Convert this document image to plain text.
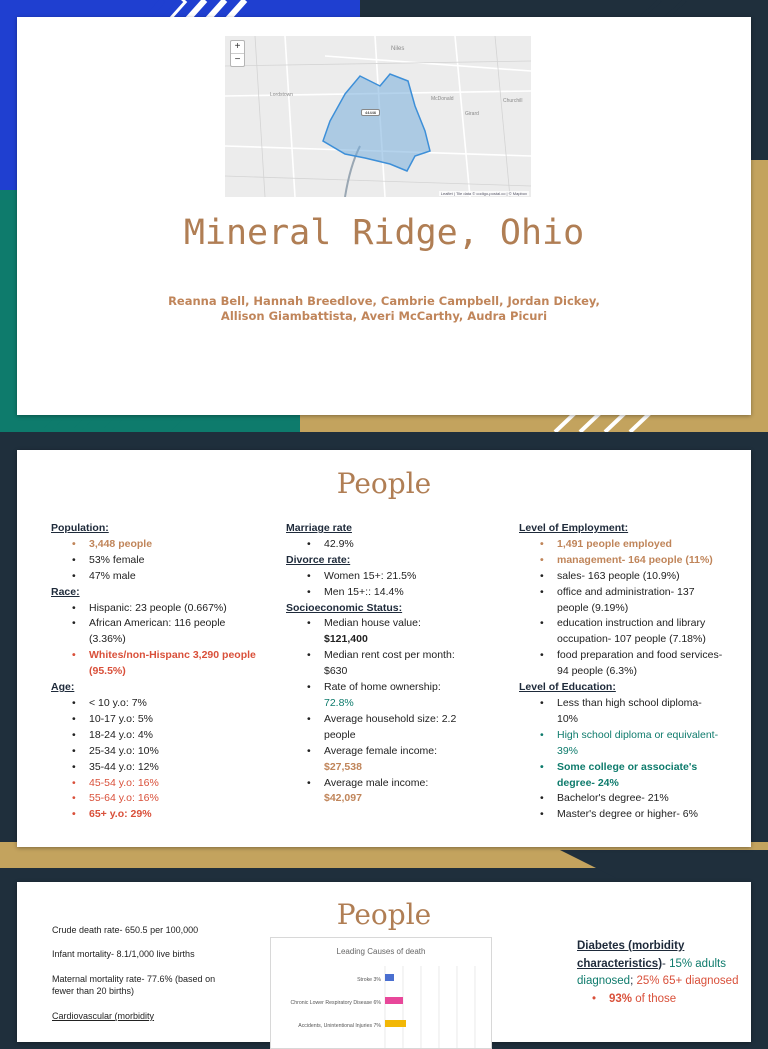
+
−
Niles
Lordstown
McDonald
Girard
Churchill
44446
Leaflet | Tile data © codigo-postal.co | © Mapbox
Mineral Ridge, Ohio
Reanna Bell, Hannah Breedlove, Cambrie Campbell, Jordan Dickey, Allison Giambattista, Averi McCarthy, Audra Picuri
People
Population:
• 3,448 people
• 53% female
• 47% male
Race:
• Hispanic: 23 people (0.667%)
• African American: 116 people (3.36%)
• Whites/non-Hispanc 3,290 people (95.5%)
Age:
• < 10 y.o: 7%
• 10-17 y.o: 5%
• 18-24 y.o: 4%
• 25-34 y.o: 10%
• 35-44 y.o: 12%
• 45-54 y.o: 16%
• 55-64 y.o: 16%
• 65+ y.o: 29%
Marriage rate
• 42.9%
Divorce rate:
• Women 15+: 21.5%
• Men 15+:: 14.4%
Socioeconomic Status:
• Median house value:
$121,400
• Median rent cost per month:
$630
• Rate of home ownership:
72.8%
• Average household size: 2.2 people
• Average female income:
$27,538
• Average male income:
$42,097
Level of Employment:
• 1,491 people employed
• management- 164 people (11%)
• sales- 163 people (10.9%)
• office and administration- 137 people (9.19%)
• education instruction and library occupation- 107 people (7.18%)
• food preparation and food services- 94 people (6.3%)
Level of Education:
• Less than high school diploma- 10%
• High school diploma or equivalent- 39%
• Some college or associate's degree- 24%
• Bachelor's degree- 21%
• Master's degree or higher- 6%
People
Crude death rate- 650.5 per 100,000
Infant mortality- 8.1/1,000 live births
Maternal mortality rate- 77.6% (based on fewer than 20 births)
Cardiovascular (morbidity
Leading Causes of death
Stroke 3%
Chronic Lower Respiratory Disease 6%
Accidents, Unintentional Injuries 7%
Diabetes (morbidity characteristics)- 15% adults diagnosed; 25% 65+ diagnosed
• 93% of those
